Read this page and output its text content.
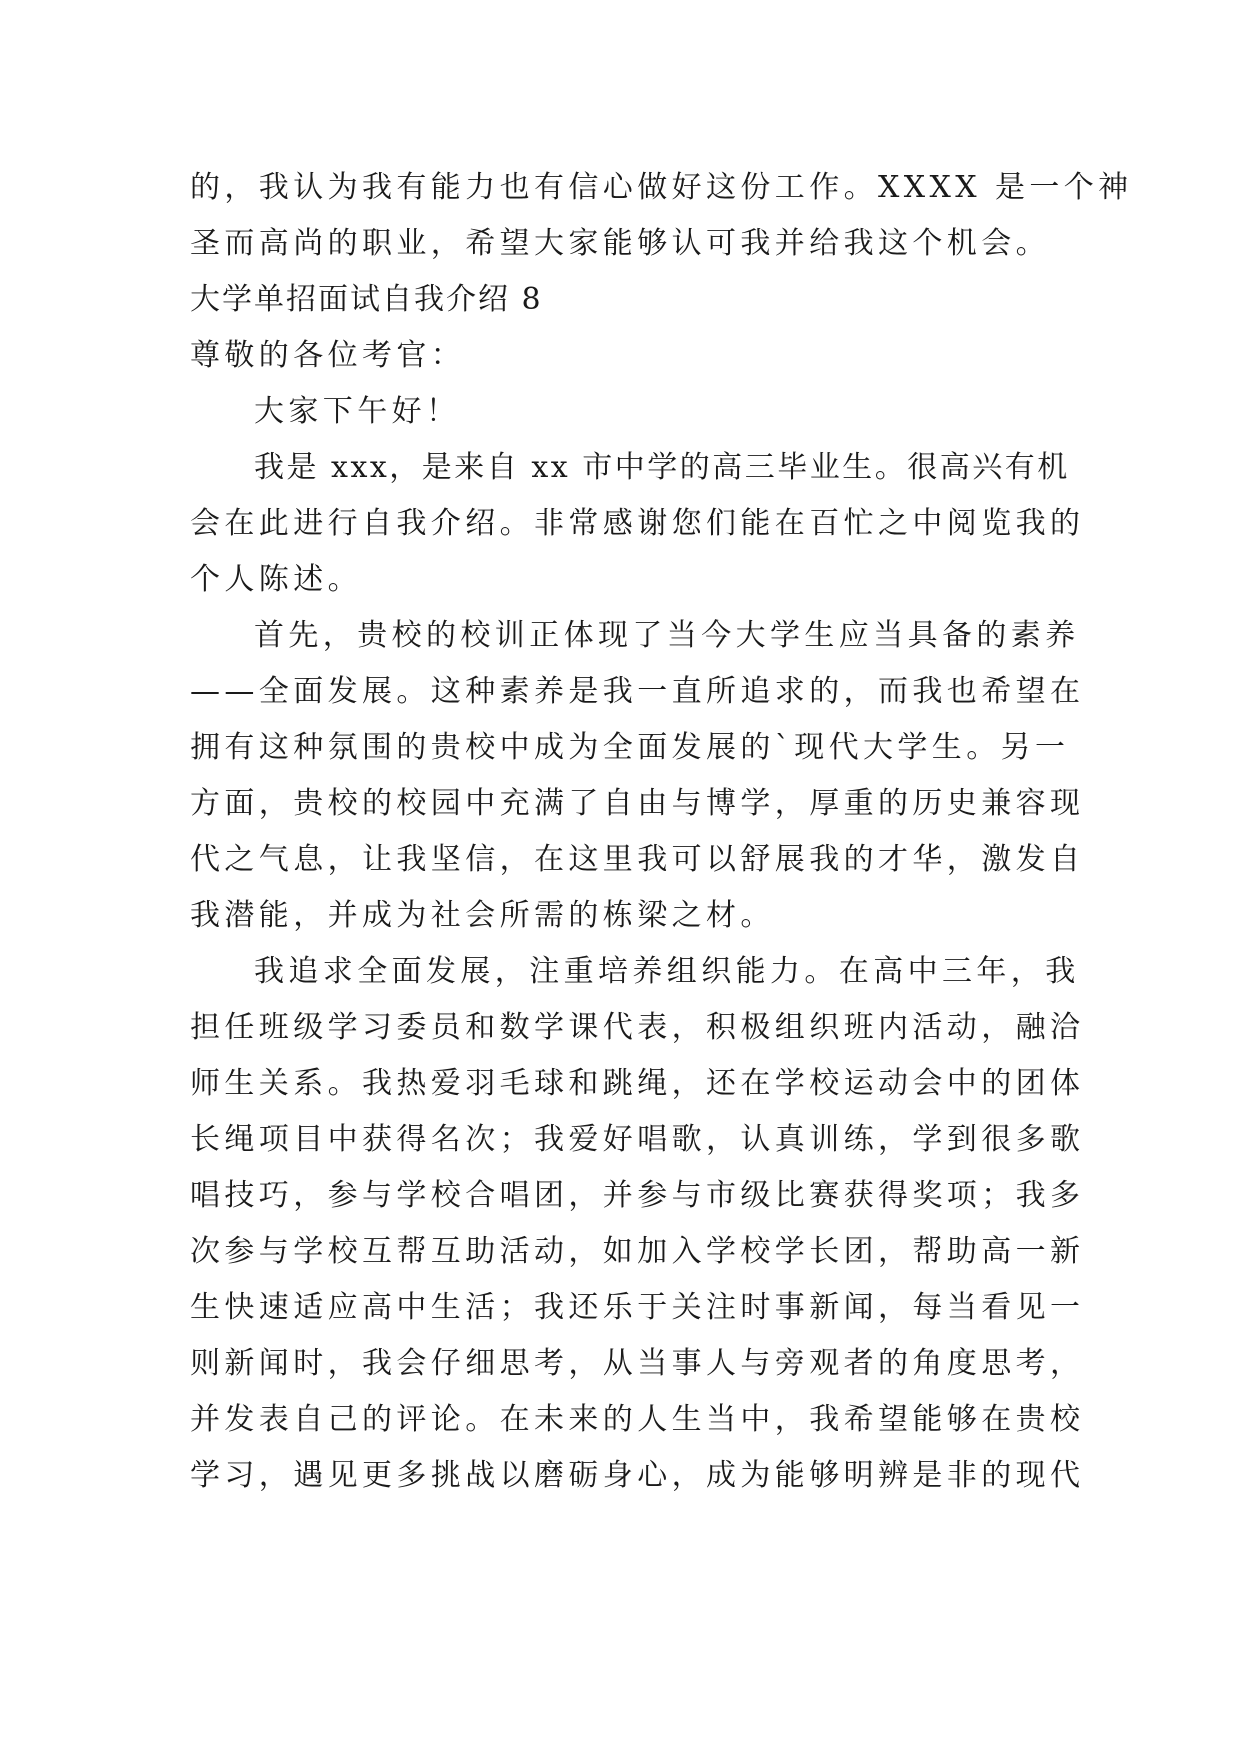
的，我认为我有能力也有信心做好这份工作。XXXX 是一个神
圣而高尚的职业，希望大家能够认可我并给我这个机会。
大学单招面试自我介绍 8
尊敬的各位考官：
大家下午好！
我是 xxx，是来自 xx 市中学的高三毕业生。很高兴有机
会在此进行自我介绍。非常感谢您们能在百忙之中阅览我的
个人陈述。
首先，贵校的校训正体现了当今大学生应当具备的素养
——全面发展。这种素养是我一直所追求的，而我也希望在
拥有这种氛围的贵校中成为全面发展的`现代大学生。另一
方面，贵校的校园中充满了自由与博学，厚重的历史兼容现
代之气息，让我坚信，在这里我可以舒展我的才华，激发自
我潜能，并成为社会所需的栋梁之材。
我追求全面发展，注重培养组织能力。在高中三年，我
担任班级学习委员和数学课代表，积极组织班内活动，融洽
师生关系。我热爱羽毛球和跳绳，还在学校运动会中的团体
长绳项目中获得名次；我爱好唱歌，认真训练，学到很多歌
唱技巧，参与学校合唱团，并参与市级比赛获得奖项；我多
次参与学校互帮互助活动，如加入学校学长团，帮助高一新
生快速适应高中生活；我还乐于关注时事新闻，每当看见一
则新闻时，我会仔细思考，从当事人与旁观者的角度思考，
并发表自己的评论。在未来的人生当中，我希望能够在贵校
学习，遇见更多挑战以磨砺身心，成为能够明辨是非的现代
